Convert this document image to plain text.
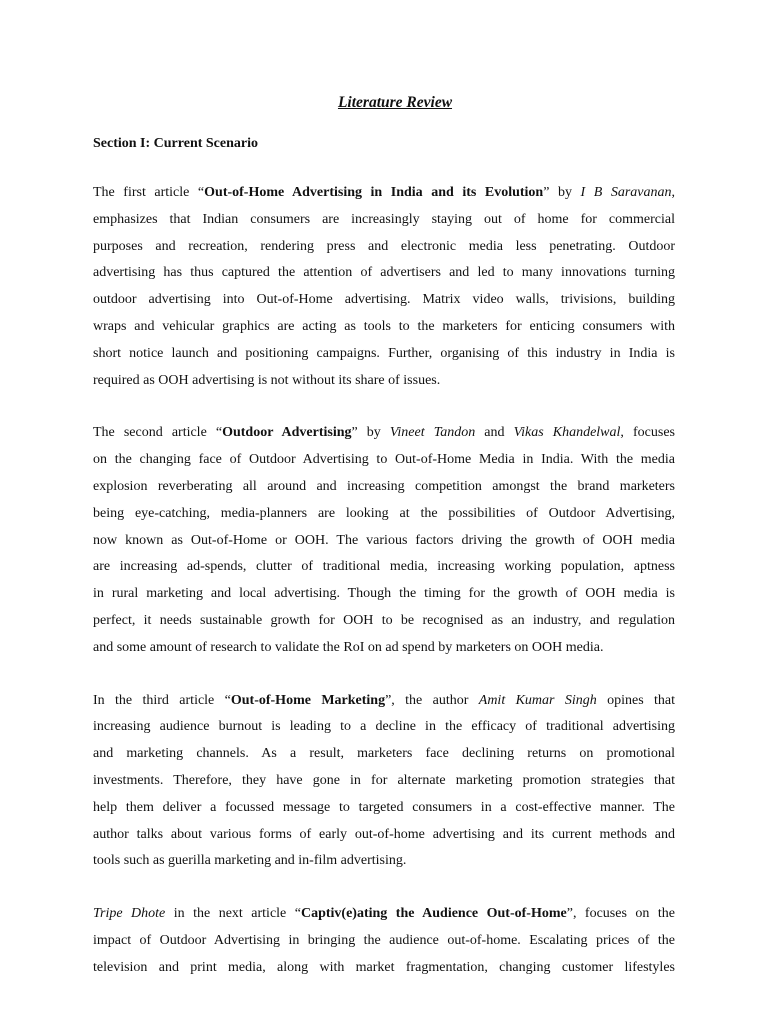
Literature Review
Section I: Current Scenario
The first article “Out-of-Home Advertising in India and its Evolution” by I B Saravanan,
emphasizes that Indian consumers are increasingly staying out of home for commercial
purposes and recreation, rendering press and electronic media less penetrating. Outdoor
advertising has thus captured the attention of advertisers and led to many innovations turning
outdoor advertising into Out-of-Home advertising. Matrix video walls, trivisions, building
wraps and vehicular graphics are acting as tools to the marketers for enticing consumers with
short notice launch and positioning campaigns. Further, organising of this industry in India is
required as OOH advertising is not without its share of issues.
The second article “Outdoor Advertising” by Vineet Tandon and Vikas Khandelwal, focuses
on the changing face of Outdoor Advertising to Out-of-Home Media in India. With the media
explosion reverberating all around and increasing competition amongst the brand marketers
being eye-catching, media-planners are looking at the possibilities of Outdoor Advertising,
now known as Out-of-Home or OOH. The various factors driving the growth of OOH media
are increasing ad-spends, clutter of traditional media, increasing working population, aptness
in rural marketing and local advertising. Though the timing for the growth of OOH media is
perfect, it needs sustainable growth for OOH to be recognised as an industry, and regulation
and some amount of research to validate the RoI on ad spend by marketers on OOH media.
In the third article “Out-of-Home Marketing”, the author Amit Kumar Singh opines that
increasing audience burnout is leading to a decline in the efficacy of traditional advertising
and marketing channels. As a result, marketers face declining returns on promotional
investments. Therefore, they have gone in for alternate marketing promotion strategies that
help them deliver a focussed message to targeted consumers in a cost-effective manner. The
author talks about various forms of early out-of-home advertising and its current methods and
tools such as guerilla marketing and in-film advertising.
Tripe Dhote in the next article “Captiv(e)ating the Audience Out-of-Home”, focuses on the
impact of Outdoor Advertising in bringing the audience out-of-home. Escalating prices of the
television and print media, along with market fragmentation, changing customer lifestyles
